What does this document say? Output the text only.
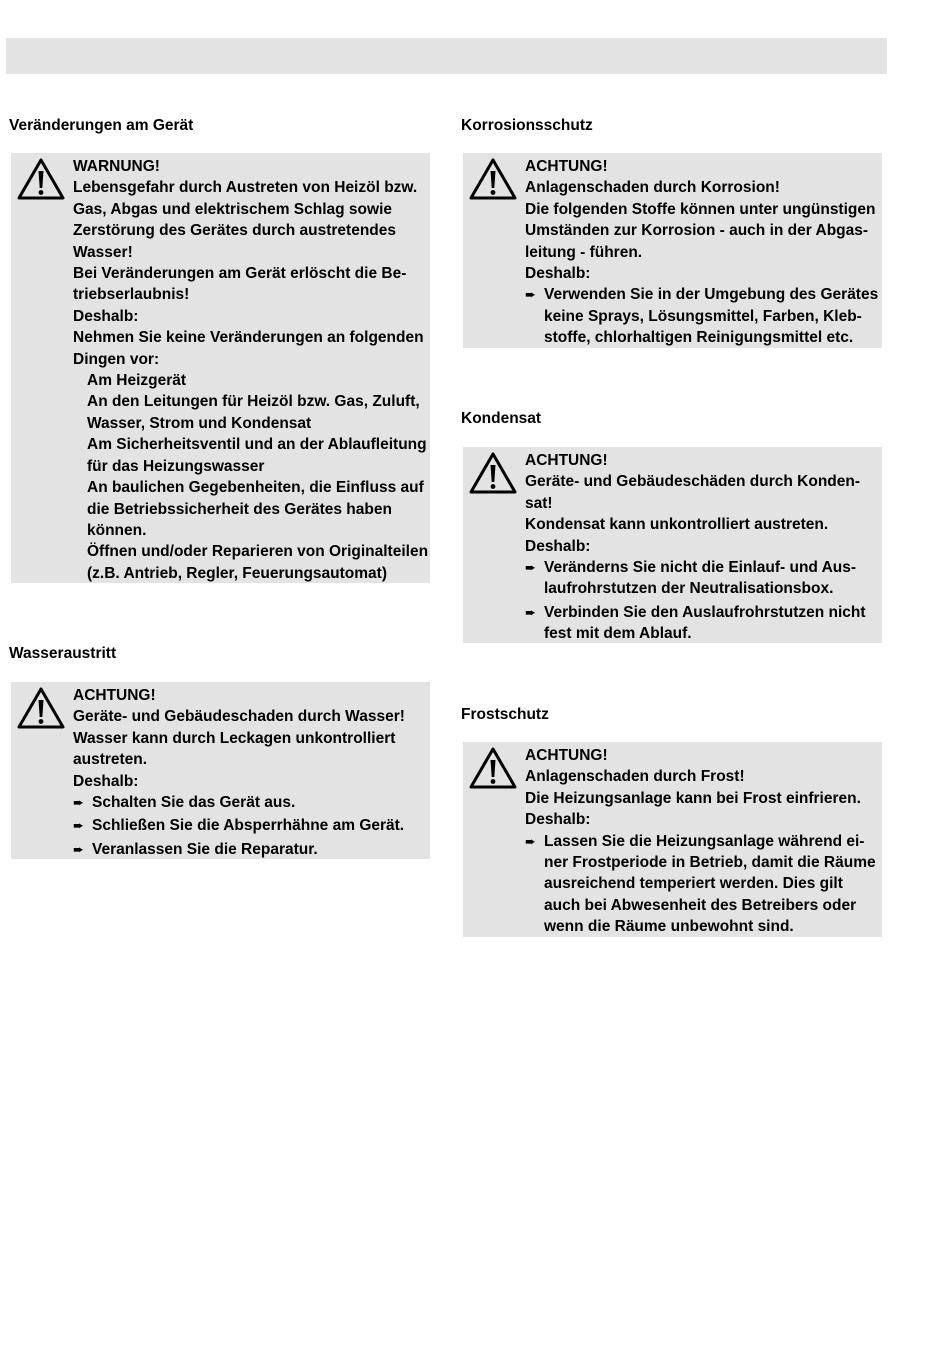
Veränderungen am Gerät
WARNUNG!
Lebensgefahr durch Austreten von Heizöl bzw.
Gas, Abgas und elektrischem Schlag sowie
Zerstörung des Gerätes durch austretendes
Wasser!
Bei Veränderungen am Gerät erlöscht die Be-
triebserlaubnis!
Deshalb:
Nehmen Sie keine Veränderungen an folgenden
Dingen vor:
Am Heizgerät
An den Leitungen für Heizöl bzw. Gas, Zuluft,
Wasser, Strom und Kondensat
Am Sicherheitsventil und an der Ablaufleitung
für das Heizungswasser
An baulichen Gegebenheiten, die Einfluss auf
die Betriebssicherheit des Gerätes haben
können.
Öffnen und/oder Reparieren von Originalteilen
(z.B. Antrieb, Regler, Feuerungsautomat)
Wasseraustritt
ACHTUNG!
Geräte- und Gebäudeschaden durch Wasser!
Wasser kann durch Leckagen unkontrolliert
austreten.
Deshalb:
➨ Schalten Sie das Gerät aus.
➨ Schließen Sie die Absperrhähne am Gerät.
➨ Veranlassen Sie die Reparatur.
Korrosionsschutz
ACHTUNG!
Anlagenschaden durch Korrosion!
Die folgenden Stoffe können unter ungünstigen
Umständen zur Korrosion - auch in der Abgas-
leitung - führen.
Deshalb:
➨ Verwenden Sie in der Umgebung des Gerätes
keine Sprays, Lösungsmittel, Farben, Kleb-
stoffe, chlorhaltigen Reinigungsmittel etc.
Kondensat
ACHTUNG!
Geräte- und Gebäudeschäden durch Konden-
sat!
Kondensat kann unkontrolliert austreten.
Deshalb:
➨ Veränderns Sie nicht die Einlauf- und Aus-
laufrohrstutzen der Neutralisationsbox.
➨ Verbinden Sie den Auslaufrohrstutzen nicht
fest mit dem Ablauf.
Frostschutz
ACHTUNG!
Anlagenschaden durch Frost!
Die Heizungsanlage kann bei Frost einfrieren.
Deshalb:
➨ Lassen Sie die Heizungsanlage während ei-
ner Frostperiode in Betrieb, damit die Räume
ausreichend temperiert werden. Dies gilt
auch bei Abwesenheit des Betreibers oder
wenn die Räume unbewohnt sind.
